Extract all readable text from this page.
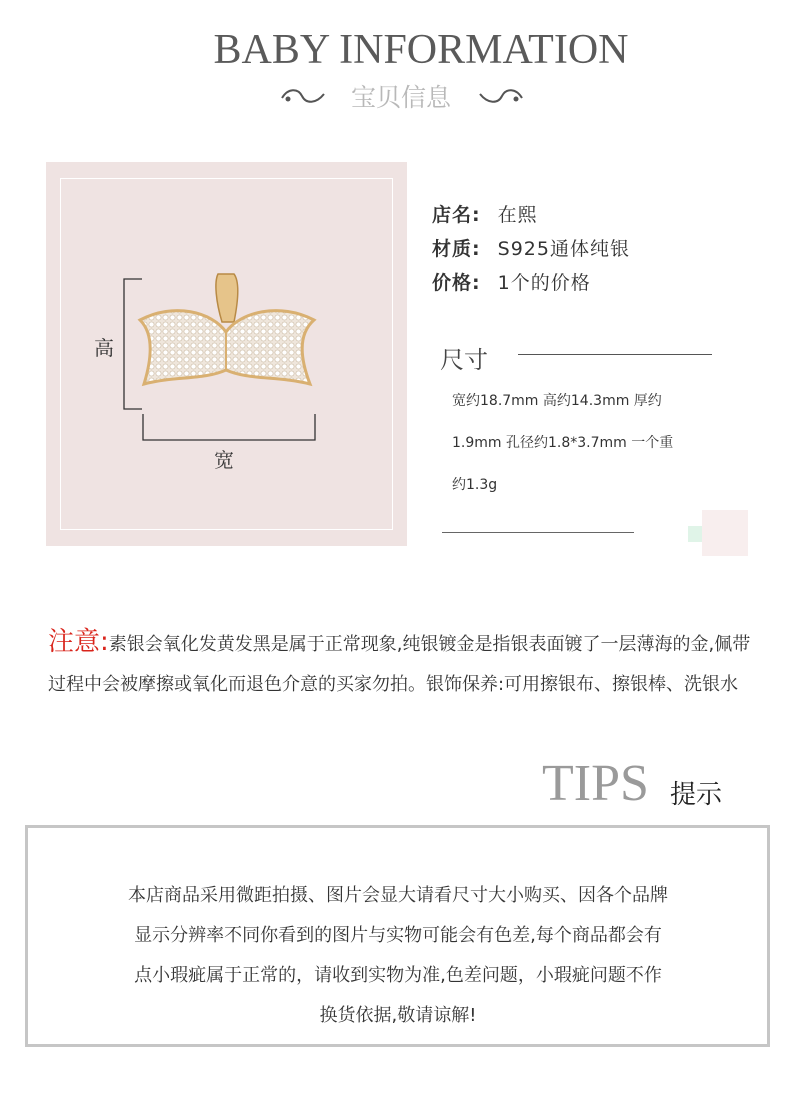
BABY INFORMATION
宝贝信息
高
宽
店名: 在熙
材质: S925通体纯银
价格: 1个的价格
尺寸
宽约18.7mm 高约14.3mm 厚约
1.9mm 孔径约1.8*3.7mm 一个重
约1.3g
注意:素银会氧化发黄发黑是属于正常现象,纯银镀金是指银表面镀了一层薄海的金,佩带过程中会被摩擦或氧化而退色介意的买家勿拍。银饰保养:可用擦银布、擦银棒、洗银水
TIPS 提示
本店商品采用微距拍摄、图片会显大请看尺寸大小购买、因各个品牌
显示分辨率不同你看到的图片与实物可能会有色差,每个商品都会有
点小瑕疵属于正常的，请收到实物为准,色差问题，小瑕疵问题不作
换货依据,敬请谅解!
